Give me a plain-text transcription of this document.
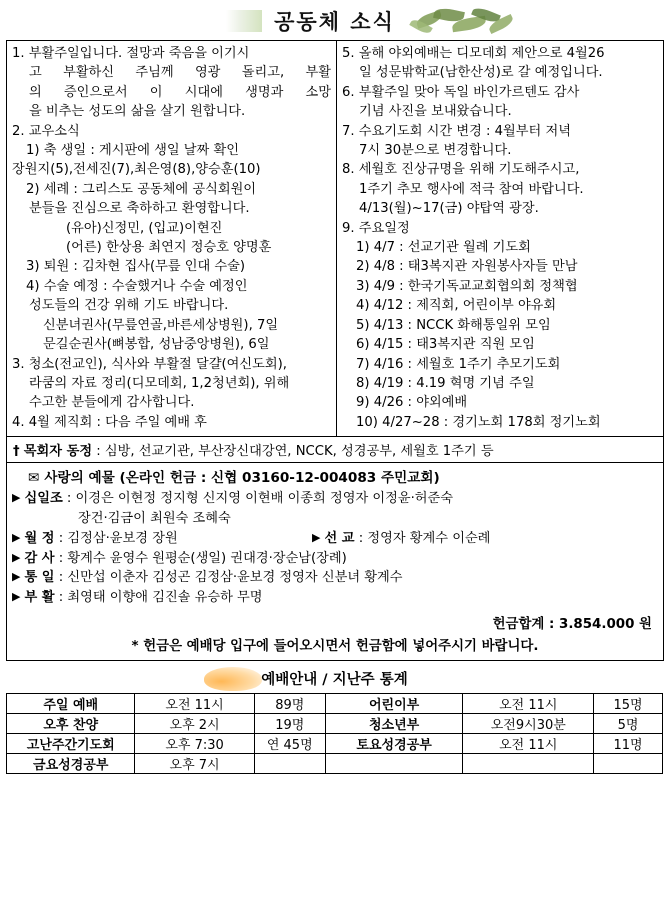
공동체 소식
1. 부활주일입니다. 절망과 죽음을 이기시
고 부활하신 주님께 영광 돌리고, 부활
의 증인으로서 이 시대에 생명과 소망
을 비추는 성도의 삶을 살기 원합니다.
2. 교우소식
1) 축 생일 : 게시판에 생일 날짜 확인
장원지(5),전세진(7),최은영(8),양승훈(10)
2) 세례 : 그리스도 공동체에 공식회원이
분들을 진심으로 축하하고 환영합니다.
(유아)신정민, (입교)이현진
(어른) 한상용 최연지 정승호 양명훈
3) 퇴원 : 김차현 집사(무릎 인대 수술)
4) 수술 예정 : 수술했거나 수술 예정인
성도들의 건강 위해 기도 바랍니다.
신분녀권사(무릎연골,바른세상병원), 7일
문길순권사(뼈봉합, 성남중앙병원), 6일
3. 청소(전교인), 식사와 부활절 달걀(여신도회),
라쿰의 자료 정리(디모데회, 1,2청년회), 위해
수고한 분들에게 감사합니다.
4. 4월 제직회 : 다음 주일 예배 후

5. 올해 야외예배는 디모데회 제안으로 4월26
일 성문밖학교(남한산성)로 갈 예정입니다.
6. 부활주일 맞아 독일 바인가르텐도 감사
기념 사진을 보내왔습니다.
7. 수요기도회 시간 변경 : 4월부터 저녁
7시 30분으로 변경합니다.
8. 세월호 진상규명을 위해 기도해주시고,
1주기 추모 행사에 적극 참여 바랍니다.
4/13(월)~17(금) 야탑역 광장.
9. 주요일정
1) 4/7 : 선교기관 월례 기도회
2) 4/8 : 태3복지관 자원봉사자들 만남
3) 4/9 : 한국기독교교회협의회 정책협
4) 4/12 : 제직회, 어린이부 야유회
5) 4/13 : NCCK 화해통일위 모임
6) 4/15 : 태3복지관 직원 모임
7) 4/16 : 세월호 1주기 추모기도회
8) 4/19 : 4.19 혁명 기념 주일
9) 4/26 : 야외예배
10) 4/27~28 : 경기노회 178회 정기노회

† 목회자 동정 : 심방, 선교기관, 부산장신대강연, NCCK, 성경공부, 세월호 1주기 등

✉ 사랑의 예물 (온라인 헌금 : 신협 03160-12-004083 주민교회)
▶ 십일조 : 이경은 이현정 정지형 신지영 이현배 이종희 정영자 이정윤·허준숙
장건·김금이 최원숙 조혜숙
▶ 월 정 : 김정삼·윤보경 장원	▶ 선 교 : 정영자 황계수 이순례
▶ 감 사 : 황계수 윤영수 원평순(생일) 권대경·장순남(장례)
▶ 통 일 : 신만섭 이춘자 김성곤 김정삼·윤보경 정영자 신분녀 황계수
▶ 부 활 : 최영태 이향애 김진솔 유승하 무명
헌금합계 : 3.854.000 원
* 헌금은 예배당 입구에 들어오시면서 헌금함에 넣어주시기 바랍니다.
예배안내 / 지난주 통계
주일 예배	오전 11시	89명	어린이부	오전 11시	15명
오후 찬양	오후 2시	19명	청소년부	오전9시30분	5명
고난주간기도회	오후 7:30	연 45명	토요성경공부	오전 11시	11명
금요성경공부	오후 7시				
